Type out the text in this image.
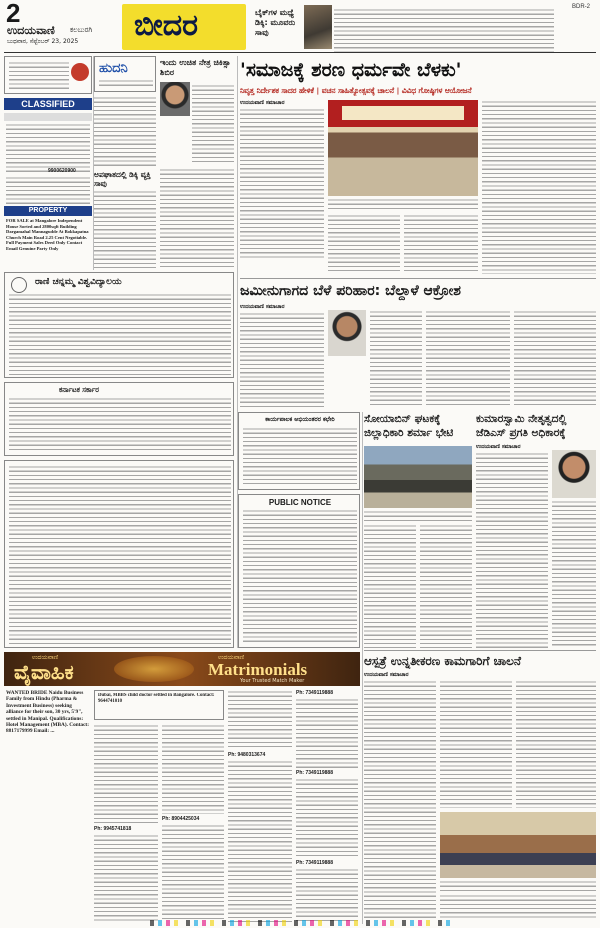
2
ಉದಯವಾಣಿ ಕಲಬುರಗಿ
ಬುಧವಾರ, ಸೆಪ್ಟೆಂಬರ್ 23, 2025 ಬೀದರ	ಬೈಕ್‌ಗಳ ಮಧ್ಯೆ ಡಿಕ್ಕಿ: ಮೂವರು ಸಾವು
BDR-2
CLASSIFIED
9900620900
PROPERTY
FOR SALE at Mangalore Independent House Sorted and 2800sqft Building Dargamahal Mannagudde At Bokkapatna Church Main Road 2.25 Cent Negotiable. Full Payment Sales Deed Only Contact Email Genuine Party Only
ರಾಣಿ ಚನ್ನಮ್ಮ ವಿಶ್ವವಿದ್ಯಾಲಯ
ಕರ್ನಾಟಕ ಸರ್ಕಾರ
ಹುದನಿ	ಇಂದು ಉಚಿತ ನೇತ್ರ ಚಿಕಿತ್ಸಾ ಶಿಬಿರ
ಅಪಘಾತದಲ್ಲಿ ಡಿಕ್ಕಿ ವ್ಯಕ್ತಿ ಸಾವು
'ಸಮಾಜಕ್ಕೆ ಶರಣ ಧರ್ಮವೇ ಬೆಳಕು'
ನಿವೃತ್ತ ನಿರ್ದೇಶಕ ಸಾದರ ಹೇಳಿಕೆ | ವಚನ ಸಾಹಿತ್ಯೋತ್ಸವಕ್ಕೆ ಚಾಲನೆ | ವಿವಿಧ ಗೋಷ್ಠಿಗಳ ಆಯೋಜನೆ
ಉದಯವಾಣಿ ಸಮಾಚಾರ
ಜಮೀನುಗಾಗದ ಬೆಳೆ ಪರಿಹಾರ: ಬೆಲ್ದಾಳೆ ಆಕ್ರೋಶ
ಉದಯವಾಣಿ ಸಮಾಚಾರ
ಕಾರ್ಯಪಾಲಕ ಅಭಿಯಂತರರ ಕಛೇರಿ
PUBLIC NOTICE
ಸೋಯಾಬಿನ್ ಘಟಕಕ್ಕೆ ಜಿಲ್ಲಾಧಿಕಾರಿ ಶರ್ಮಾ ಭೇಟಿ
ಕುಮಾರಸ್ವಾಮಿ ನೇತೃತ್ವದಲ್ಲಿ ಜೆಡಿಎಸ್ ಪ್ರಗತಿ ಅಧಿಕಾರಕ್ಕೆ
ಉದಯವಾಣಿ ಸಮಾಚಾರ
ಆಸ್ಪತ್ರೆ ಉನ್ನತೀಕರಣ ಕಾಮಗಾರಿಗೆ ಚಾಲನೆ
ಉದಯವಾಣಿ ಸಮಾಚಾರ
ಉದಯವಾಣಿ
ವೈವಾಹಿಕ
ಉದಯವಾಣಿ
Matrimonials
Your Trusted Match Maker
WANTED BRIDE Naidu Business Family from Hindu (Pharma & Investment Business) seeking alliance for their son, 30 yrs, 5'9", settled in Manipal. Qualifications: Hotel Management (MBA). Contact: 8817179999 Email: ...
Dubai, MBBS child doctor settled in Bangalore. Contact: 9644741010
Ph: 9945741818
Ph: 8904425034
Ph: 9480313674
Ph: 7349119888
Ph: 7349119888
Ph: 7349119888
